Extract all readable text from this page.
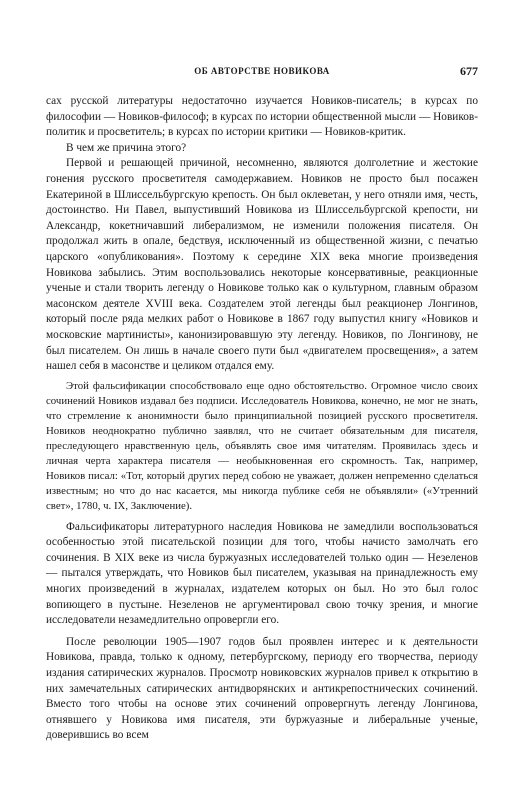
ОБ АВТОРСТВЕ НОВИКОВА	677

сах русской литературы недостаточно изучается Новиков-писатель; в курсах по философии — Новиков-философ; в курсах по истории общественной мысли — Новиков-политик и просветитель; в курсах по истории критики — Новиков-критик.

В чем же причина этого?

Первой и решающей причиной, несомненно, являются долголетние и жестокие гонения русского просветителя самодержавием. Новиков не просто был посажен Екатериной в Шлиссельбургскую крепость. Он был оклеветан, у него отняли имя, честь, достоинство. Ни Павел, выпустивший Новикова из Шлиссельбургской крепости, ни Александр, кокетничавший либерализмом, не изменили положения писателя. Он продолжал жить в опале, бедствуя, исключенный из общественной жизни, с печатью царского «опубликования». Поэтому к середине XIX века многие произведения Новикова забылись. Этим воспользовались некоторые консервативные, реакционные ученые и стали творить легенду о Новикове только как о культурном, главным образом масонском деятеле XVIII века. Создателем этой легенды был реакционер Лонгинов, который после ряда мелких работ о Новикове в 1867 году выпустил книгу «Новиков и московские мартинисты», канонизировавшую эту легенду. Новиков, по Лонгинову, не был писателем. Он лишь в начале своего пути был «двигателем просвещения», а затем нашел себя в масонстве и целиком отдался ему.

Этой фальсификации способствовало еще одно обстоятельство. Огромное число своих сочинений Новиков издавал без подписи. Исследователь Новикова, конечно, не мог не знать, что стремление к анонимности было принципиальной позицией русского просветителя. Новиков неоднократно публично заявлял, что не считает обязательным для писателя, преследующего нравственную цель, объявлять свое имя читателям. Проявилась здесь и личная черта характера писателя — необыкновенная его скромность. Так, например, Новиков писал: «Тот, который других перед собою не уважает, должен непременно сделаться известным; но что до нас касается, мы никогда публике себя не объявляли» («Утренний свет», 1780, ч. IX, Заключение).

Фальсификаторы литературного наследия Новикова не замедлили воспользоваться особенностью этой писательской позиции для того, чтобы начисто замолчать его сочинения. В XIX веке из числа буржуазных исследователей только один — Незеленов — пытался утверждать, что Новиков был писателем, указывая на принадлежность ему многих произведений в журналах, издателем которых он был. Но это был голос вопиющего в пустыне. Незеленов не аргументировал свою точку зрения, и многие исследователи незамедлительно опровергли его.

После революции 1905—1907 годов был проявлен интерес и к деятельности Новикова, правда, только к одному, петербургскому, периоду его творчества, периоду издания сатирических журналов. Просмотр новиковских журналов привел к открытию в них замечательных сатирических антидворянских и антикрепостнических сочинений. Вместо того чтобы на основе этих сочинений опровергнуть легенду Лонгинова, отнявшего у Новикова имя писателя, эти буржуазные и либеральные ученые, доверившись во всем
